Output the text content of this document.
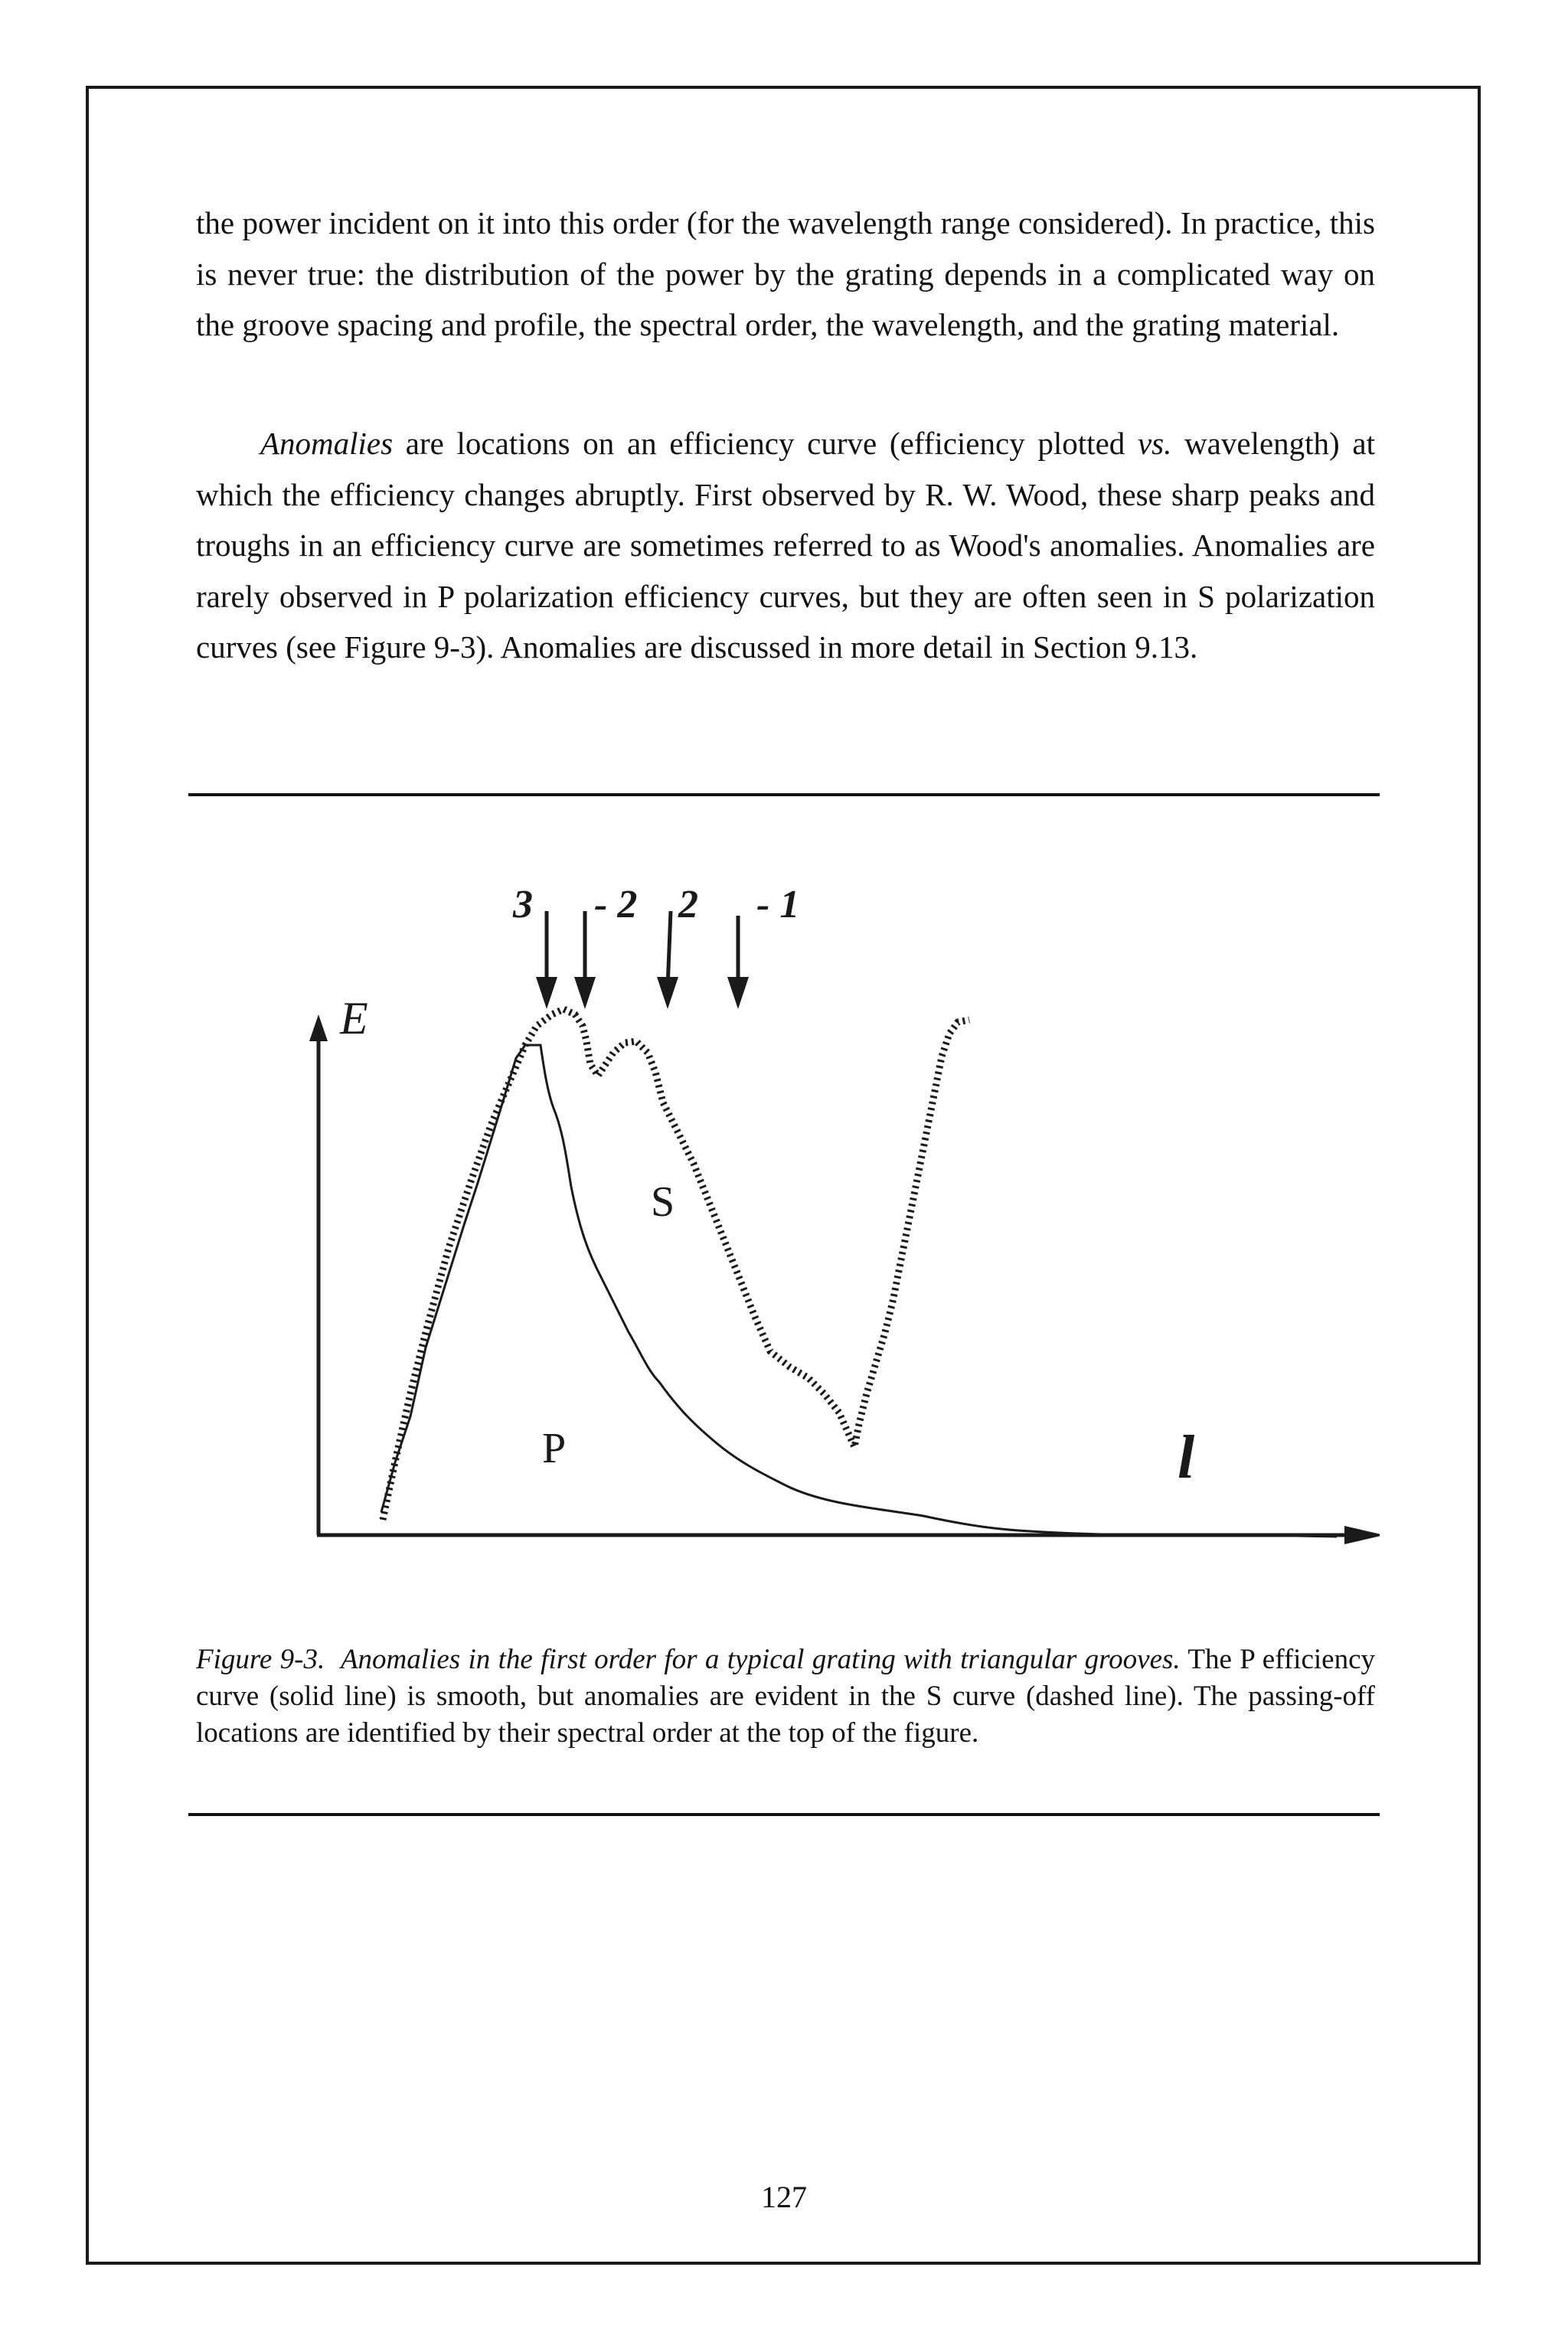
the power incident on it into this order (for the wavelength range considered). In practice, this is never true: the distribution of the power by the grating depends in a complicated way on the groove spacing and profile, the spectral order, the wavelength, and the grating material.

Anomalies are locations on an efficiency curve (efficiency plotted vs. wavelength) at which the efficiency changes abruptly. First observed by R. W. Wood, these sharp peaks and troughs in an efficiency curve are sometimes referred to as Wood's anomalies. Anomalies are rarely observed in P polarization efficiency curves, but they are often seen in S polarization curves (see Figure 9-3). Anomalies are discussed in more detail in Section 9.13.

E
l
S
P
3 - 2 2 - 1

Figure 9-3. Anomalies in the first order for a typical grating with triangular grooves. The P efficiency curve (solid line) is smooth, but anomalies are evident in the S curve (dashed line). The passing-off locations are identified by their spectral order at the top of the figure.

127
